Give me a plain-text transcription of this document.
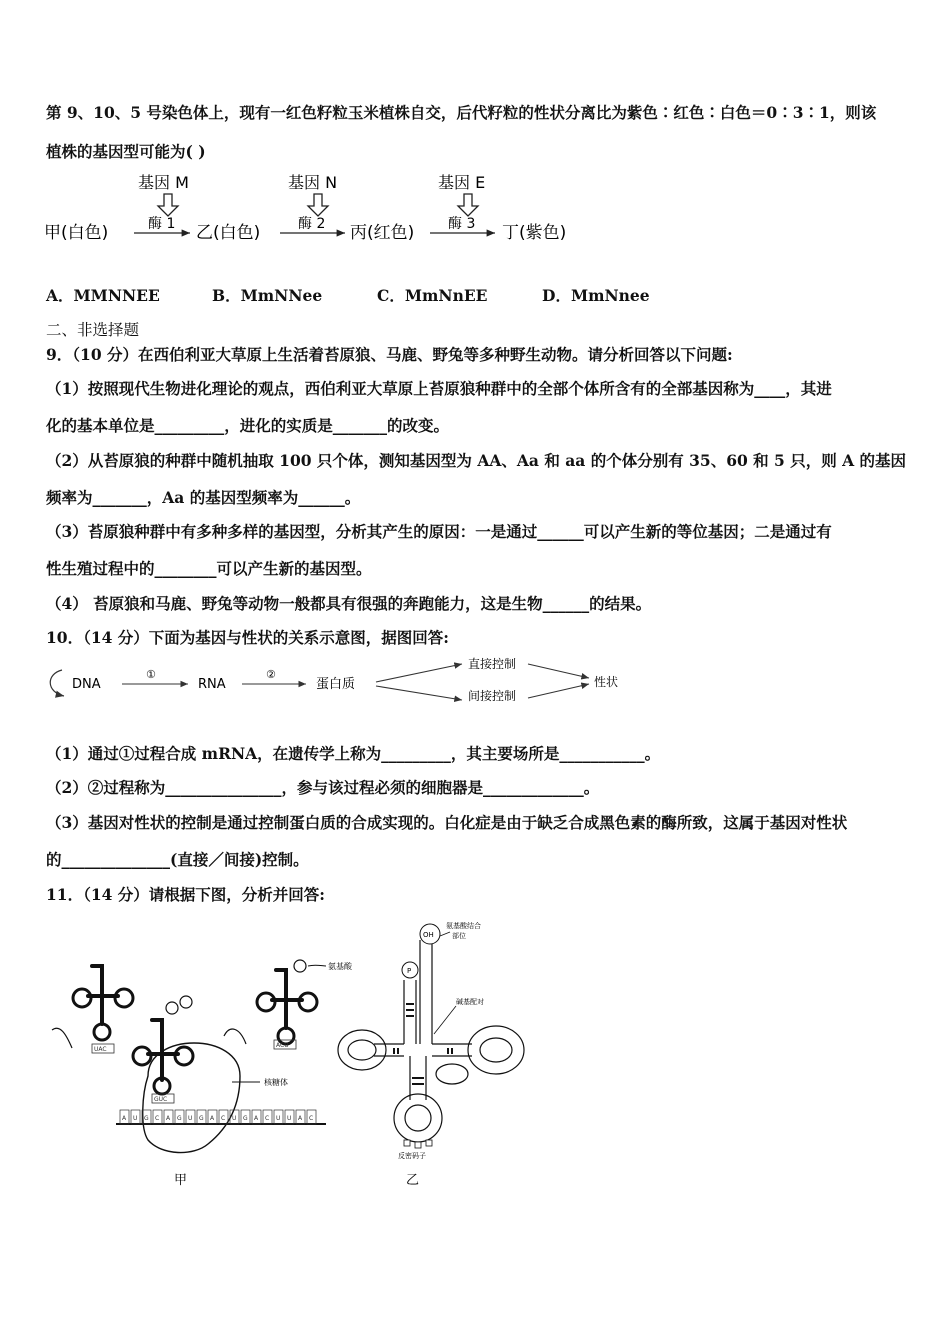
第 9、10、5 号染色体上，现有一红色籽粒玉米植株自交，后代籽粒的性状分离比为紫色∶红色∶白色＝0∶3∶1，则该
植株的基因型可能为( )
基因 M	基因 N	基因 E
酶 1	酶 2	酶 3
甲(白色)	乙(白色)	丙(红色)	丁(紫色)
A．MMNNEE	B．MmNNee	C．MmNnEE	D．MmNnee
二、非选择题
9．（10 分）在西伯利亚大草原上生活着苔原狼、马鹿、野兔等多种野生动物。请分析回答以下问题:
（1）按照现代生物进化理论的观点，西伯利亚大草原上苔原狼种群中的全部个体所含有的全部基因称为____，其进
化的基本单位是_________，进化的实质是_______的改变。
（2）从苔原狼的种群中随机抽取 100 只个体，测知基因型为 AA、Aa 和 aa 的个体分别有 35、60 和 5 只，则 A 的基因
频率为_______，Aa 的基因型频率为______。
（3）苔原狼种群中有多种多样的基因型，分析其产生的原因：一是通过______可以产生新的等位基因；二是通过有
性生殖过程中的________可以产生新的基因型。
（4） 苔原狼和马鹿、野兔等动物一般都具有很强的奔跑能力，这是生物______的结果。
10．（14 分）下面为基因与性状的关系示意图，据图回答:
DNA
①
RNA
②
蛋白质
直接控制
间接控制
性状
（1）通过①过程合成 mRNA，在遗传学上称为_________，其主要场所是___________。
（2）②过程称为_______________，参与该过程必须的细胞器是_____________。
（3）基因对性状的控制是通过控制蛋白质的合成实现的。白化症是由于缺乏合成黑色素的酶所致，这属于基因对性状
的______________(直接／间接)控制。
11．（14 分）请根据下图，分析并回答:
氨基酸
核糖体
UAC
GUC
ACU
A U G C A G U G A C U G A C U U A C
甲
OH
P
氨基酸结合
部位
碱基配对
反密码子
乙
